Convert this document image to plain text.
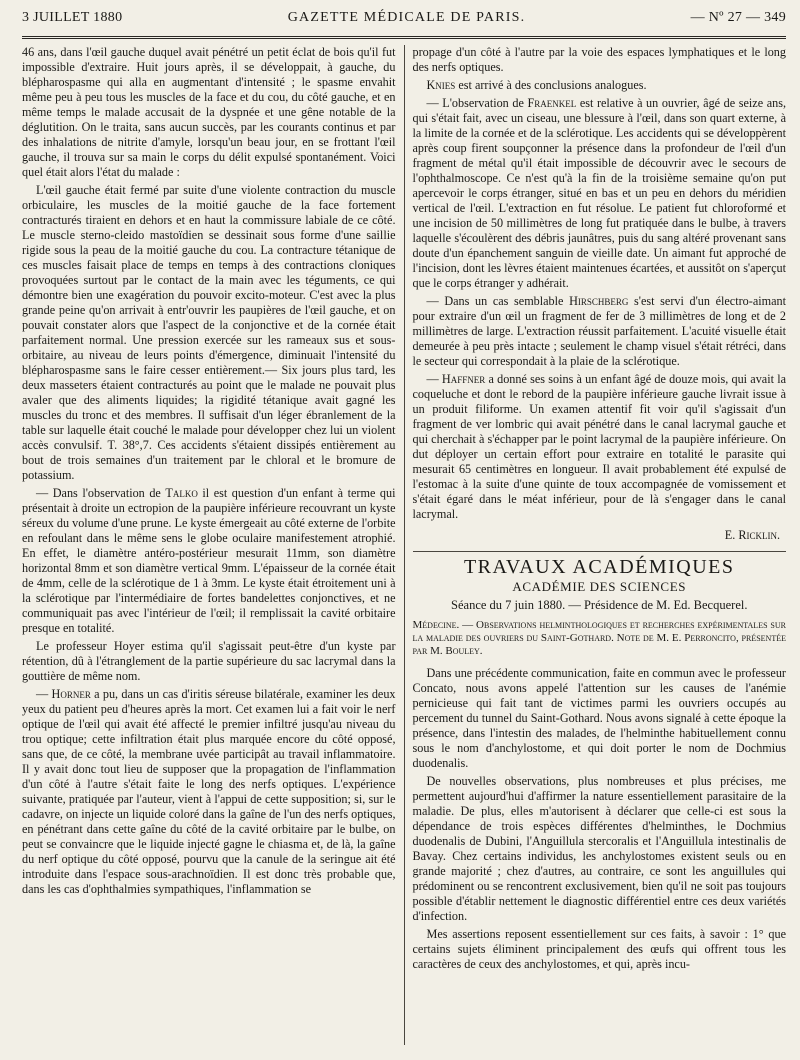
3 JUILLET 1880	GAZETTE MÉDICALE DE PARIS.	— Nº 27 — 349

46 ans, dans l'œil gauche duquel avait pénétré un petit éclat de bois qu'il fut impossible d'extraire. Huit jours après, il se développait, à gauche, du blépharospasme qui alla en augmentant d'intensité ; le spasme envahit même peu à peu tous les muscles de la face et du cou, du côté gauche, et en même temps le malade accusait de la dyspnée et une gêne notable de la déglutition. On le traita, sans aucun succès, par les courants continus et par des inhalations de nitrite d'amyle, lorsqu'un beau jour, en se frottant l'œil gauche, il trouva sur sa main le corps du délit expulsé spontanément. Voici quel était alors l'état du malade :

L'œil gauche était fermé par suite d'une violente contraction du muscle orbiculaire, les muscles de la moitié gauche de la face fortement contracturés tiraient en dehors et en haut la commissure labiale de ce côté. Le muscle sterno-cleido mastoïdien se dessinait sous forme d'une saillie rigide sous la peau de la moitié gauche du cou. La contracture tétanique de ces muscles faisait place de temps en temps à des contractions cloniques provoquées surtout par le contact de la main avec les téguments, ce qui démontre bien une exagération du pouvoir excito-moteur. C'est avec la plus grande peine qu'on arrivait à entr'ouvrir les paupières de l'œil gauche, et on pouvait constater alors que l'aspect de la conjonctive et de la cornée était parfaitement normal. Une pression exercée sur les rameaux sus et sous-orbitaire, au niveau de leurs points d'émergence, diminuait l'intensité du blépharospasme sans le faire cesser entièrement.— Six jours plus tard, les deux masseters étaient contracturés au point que le malade ne pouvait plus avaler que des aliments liquides; la rigidité tétanique avait gagné les muscles du tronc et des membres. Il suffisait d'un léger ébranlement de la table sur laquelle était couché le malade pour développer chez lui un violent accès convulsif. T. 38°,7. Ces accidents s'étaient dissipés entièrement au bout de trois semaines d'un traitement par le chloral et le bromure de potassium.

— Dans l'observation de Talko il est question d'un enfant à terme qui présentait à droite un ectropion de la paupière inférieure recouvrant un kyste séreux du volume d'une prune. Le kyste émergeait au côté externe de l'orbite en refoulant dans le même sens le globe oculaire manifestement atrophié. En effet, le diamètre antéro-postérieur mesurait 11mm, son diamètre horizontal 8mm et son diamètre vertical 9mm. L'épaisseur de la cornée était de 4mm, celle de la sclérotique de 1 à 3mm. Le kyste était étroitement uni à la sclérotique par l'intermédiaire de fortes bandelettes conjonctives, et ne communiquait pas avec l'intérieur de l'œil; il remplissait la cavité orbitaire presque en totalité.

Le professeur Hoyer estima qu'il s'agissait peut-être d'un kyste par rétention, dû à l'étranglement de la partie supérieure du sac lacrymal dans la gouttière de même nom.

— Horner a pu, dans un cas d'iritis séreuse bilatérale, examiner les deux yeux du patient peu d'heures après la mort. Cet examen lui a fait voir le nerf optique de l'œil qui avait été affecté le premier infiltré jusqu'au niveau du trou optique; cette infiltration était plus marquée encore du côté opposé, sans que, de ce côté, la membrane uvée participât au travail inflammatoire. Il y avait donc tout lieu de supposer que la propagation de l'inflammation d'un côté à l'autre s'était faite le long des nerfs optiques. L'expérience suivante, pratiquée par l'auteur, vient à l'appui de cette supposition; si, sur le cadavre, on injecte un liquide coloré dans la gaîne de l'un des nerfs optiques, en pénétrant dans cette gaîne du côté de la cavité orbitaire par le bulbe, on peut se convaincre que le liquide injecté gagne le chiasma et, de là, la gaîne du nerf optique du côté opposé, pourvu que la canule de la seringue ait été introduite dans l'espace sous-arachnoïdien. Il est donc très probable que, dans les cas d'ophthalmies sympathiques, l'inflammation se

propage d'un côté à l'autre par la voie des espaces lymphatiques et le long des nerfs optiques.

Knies est arrivé à des conclusions analogues.

— L'observation de Fraenkel est relative à un ouvrier, âgé de seize ans, qui s'était fait, avec un ciseau, une blessure à l'œil, dans son quart externe, à la limite de la cornée et de la sclérotique. Les accidents qui se développèrent après coup firent soupçonner la présence dans la profondeur de l'œil d'un fragment de métal qu'il était impossible de découvrir avec le secours de l'ophthalmoscope. Ce n'est qu'à la fin de la troisième semaine qu'on put apercevoir le corps étranger, situé en bas et un peu en dehors du méridien vertical de l'œil. L'extraction en fut résolue. Le patient fut chloroformé et une incision de 50 millimètres de long fut pratiquée dans le bulbe, à travers laquelle s'écoulèrent des débris jaunâtres, puis du sang altéré provenant sans doute d'un épanchement sanguin de vieille date. Un aimant fut approché de l'incision, dont les lèvres étaient maintenues écartées, et aussitôt on s'aperçut que le corps étranger y adhérait.

— Dans un cas semblable Hirschberg s'est servi d'un électro-aimant pour extraire d'un œil un fragment de fer de 3 millimètres de long et de 2 millimètres de large. L'extraction réussit parfaitement. L'acuité visuelle était demeurée à peu près intacte ; seulement le champ visuel s'était rétréci, dans le secteur qui correspondait à la plaie de la sclérotique.

— Haffner a donné ses soins à un enfant âgé de douze mois, qui avait la coqueluche et dont le rebord de la paupière inférieure gauche livrait issue à un produit filiforme. Un examen attentif fit voir qu'il s'agissait d'un fragment de ver lombric qui avait pénétré dans le canal lacrymal gauche et qui cherchait à s'échapper par le point lacrymal de la paupière inférieure. On dut déployer un certain effort pour extraire en totalité le parasite qui mesurait 65 centimètres en longueur. Il avait probablement été expulsé de l'estomac à la suite d'une quinte de toux accompagnée de vomissement et s'était égaré dans le méat inférieur, pour de là s'engager dans le canal lacrymal.

E. Ricklin.
TRAVAUX ACADÉMIQUES
ACADÉMIE DES SCIENCES
Séance du 7 juin 1880. — Présidence de M. Ed. Becquerel.

Médecine. — Observations helminthologiques et recherches expérimentales sur la maladie des ouvriers du Saint-Gothard. Note de M. E. Perroncito, présentée par M. Bouley.

Dans une précédente communication, faite en commun avec le professeur Concato, nous avons appelé l'attention sur les causes de l'anémie pernicieuse qui fait tant de victimes parmi les ouvriers occupés au percement du tunnel du Saint-Gothard. Nous avons signalé à cette époque la présence, dans l'intestin des malades, de l'helminthe habituellement connu sous le nom d'anchylostome, et qui doit porter le nom de Dochmius duodenalis.

De nouvelles observations, plus nombreuses et plus précises, me permettent aujourd'hui d'affirmer la nature essentiellement parasitaire de la maladie. De plus, elles m'autorisent à déclarer que celle-ci est sous la dépendance de trois espèces différentes d'helminthes, le Dochmius duodenalis de Dubini, l'Anguillula stercoralis et l'Anguillula intestinalis de Bavay. Chez certains individus, les anchylostomes existent seuls ou en grande majorité ; chez d'autres, au contraire, ce sont les anguillules qui prédominent ou se rencontrent exclusivement, bien qu'il ne soit pas toujours possible d'établir nettement le diagnostic différentiel entre ces deux variétés d'infection.

Mes assertions reposent essentiellement sur ces faits, à savoir : 1° que certains sujets éliminent principalement des œufs qui offrent tous les caractères de ceux des anchylostomes, et qui, après incu-
